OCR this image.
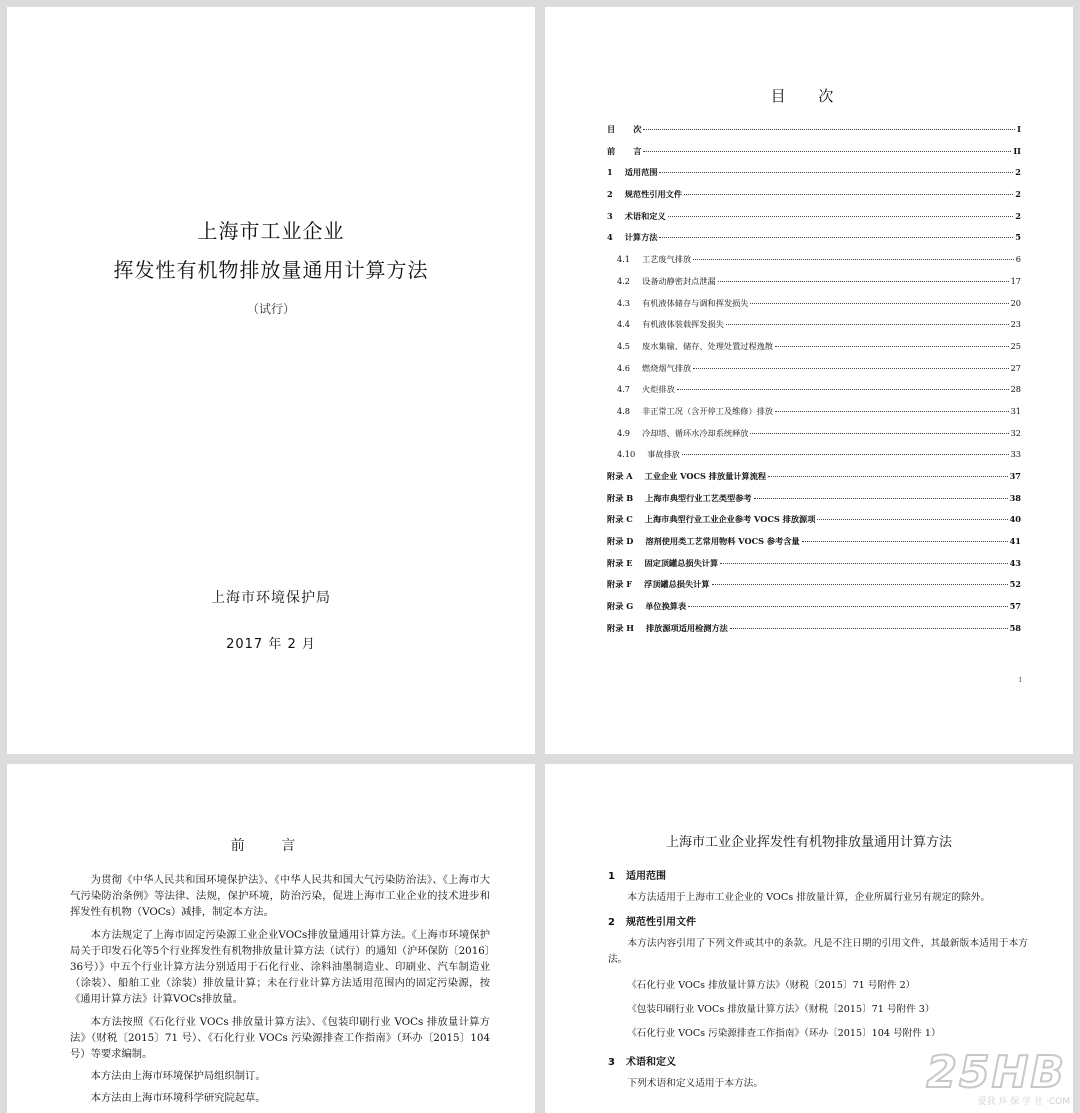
上海市工业企业
挥发性有机物排放量通用计算方法
（试行）
上海市环境保护局
2017 年 2 月
目 次
目 次	I
前 言	II
1 适用范围	2
2 规范性引用文件	2
3 术语和定义	2
4 计算方法	5
4.1 工艺废气排放	6
4.2 设备动静密封点泄漏	17
4.3 有机液体储存与调和挥发损失	20
4.4 有机液体装载挥发损失	23
4.5 废水集输、储存、处理处置过程逸散	25
4.6 燃烧烟气排放	27
4.7 火炬排放	28
4.8 非正常工况（含开停工及维修）排放	31
4.9 冷却塔、循环水冷却系统释放	32
4.10 事故排放	33
附录 A 工业企业 VOCS 排放量计算流程	37
附录 B 上海市典型行业工艺类型参考	38
附录 C 上海市典型行业工业企业参考 VOCS 排放源项	40
附录 D 溶剂使用类工艺常用物料 VOCS 参考含量	41
附录 E 固定顶罐总损失计算	43
附录 F 浮顶罐总损失计算	52
附录 G 单位换算表	57
附录 H 排放源项适用检测方法	58
I
前 言

为贯彻《中华人民共和国环境保护法》、《中华人民共和国大气污染防治法》、《上海市大气污染防治条例》等法律、法规，保护环境，防治污染，促进上海市工业企业的技术进步和挥发性有机物（VOCs）减排，制定本方法。

本方法规定了上海市固定污染源工业企业VOCs排放量通用计算方法。《上海市环境保护局关于印发石化等5个行业挥发性有机物排放量计算方法（试行）的通知（沪环保防〔2016〕36号）》中五个行业计算方法分别适用于石化行业、涂料油墨制造业、印刷业、汽车制造业（涂装）、船舶工业（涂装）排放量计算；未在行业计算方法适用范围内的固定污染源，按《通用计算方法》计算VOCs排放量。

本方法按照《石化行业 VOCs 排放量计算方法》、《包装印刷行业 VOCs 排放量计算方法》（财税〔2015〕71 号）、《石化行业 VOCs 污染源排查工作指南》（环办〔2015〕104 号）等要求编制。

本方法由上海市环境保护局组织制订。

本方法由上海市环境科学研究院起草。

上海市工业企业挥发性有机物排放量通用计算方法
1 适用范围

本方法适用于上海市工业企业的 VOCs 排放量计算，企业所属行业另有规定的除外。

2 规范性引用文件

本方法内容引用了下列文件或其中的条款。凡是不注日期的引用文件，其最新版本适用于本方法。

《石化行业 VOCs 排放量计算方法》（财税〔2015〕71 号附件 2）
《包装印刷行业 VOCs 排放量计算方法》（财税〔2015〕71 号附件 3）
《石化行业 VOCs 污染源排查工作指南》（环办〔2015〕104 号附件 1）
3 术语和定义

下列术语和定义适用于本方法。	25HB
爱我 环 保 学 社 ·COM
